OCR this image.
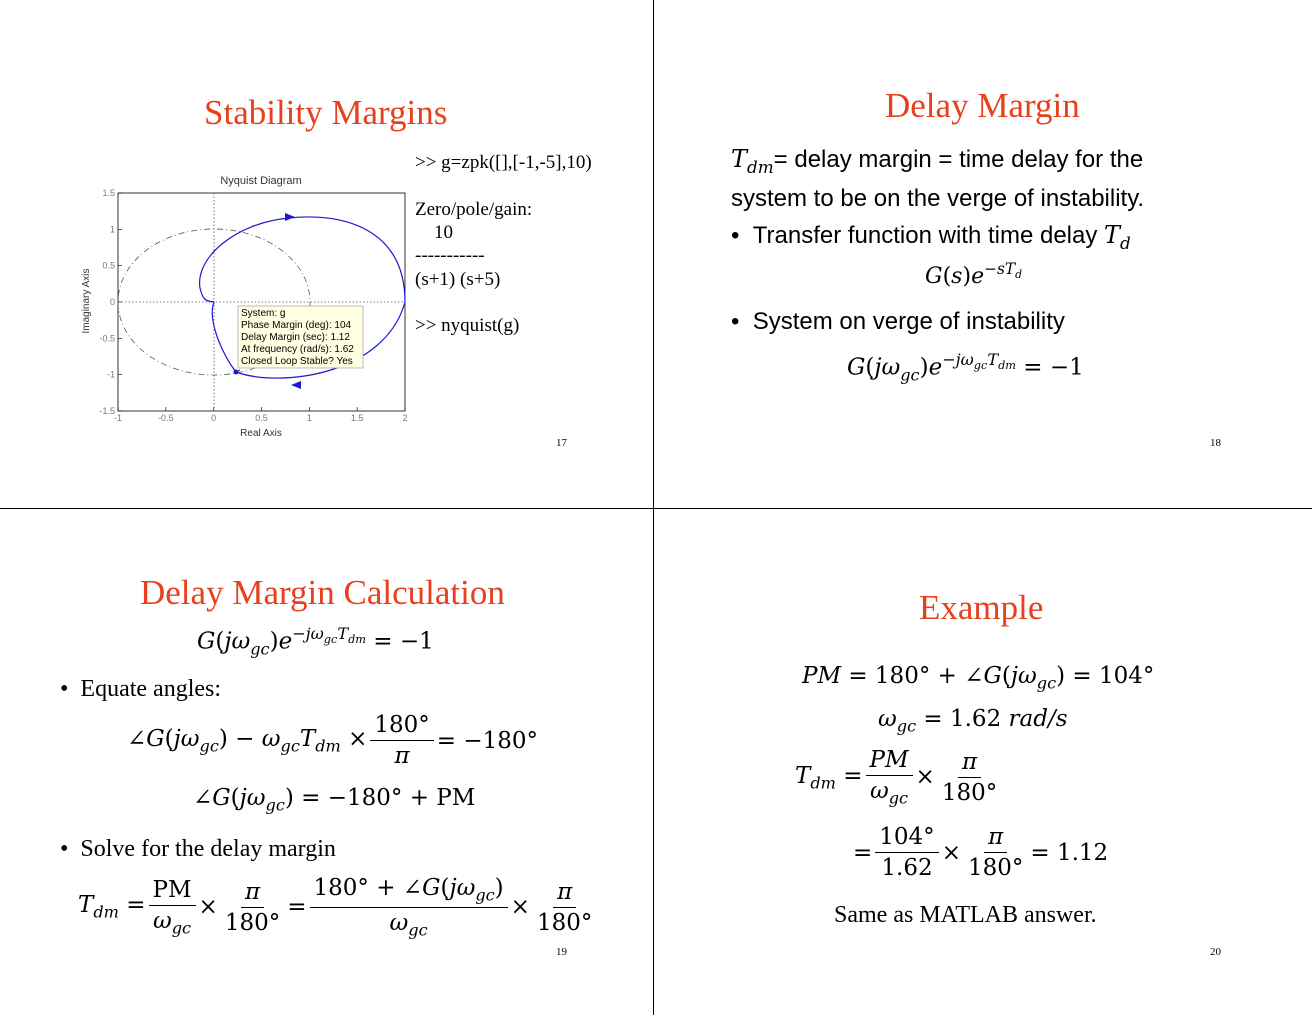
Stability Margins
Nyquist Diagram
Real Axis
Imaginary Axis
-1	-0.5	0	0.5	1	1.5	2
1.5
1
0.5
0
-0.5
-1
-1.5
System: g
Phase Margin (deg): 104
Delay Margin (sec): 1.12
At frequency (rad/s): 1.62
Closed Loop Stable? Yes
>> g=zpk([],[-1,-5],10)
Zero/pole/gain:
10
-----------
(s+1) (s+5)
>> nyquist(g)
17
Delay Margin
$T_{dm}=$ delay margin = time delay for the
system to be on the verge of instability.
•  Transfer function with time delay $T_d$
$G(s)e^{-sT_d}$
•  System on verge of instability
$G(j\omega_{gc})e^{-j\omega_{gc}T_{dm}} = -1$
18
Delay Margin Calculation
$G(j\omega_{gc})e^{-j\omega_{gc}T_{dm}} = -1$
•  Equate angles:
$\angle G(j\omega_{gc}) - \omega_{gc}T_{dm} \times \frac{180^\circ}{\pi} = -180^\circ$
$\angle G(j\omega_{gc}) = -180^\circ$ + PM
•  Solve for the delay margin
$T_{dm} = \frac{PM}{\omega_{gc}} \times \frac{\pi}{180^\circ} = \frac{180^\circ + \angle G(j\omega_{gc})}{\omega_{gc}} \times \frac{\pi}{180^\circ}$
19
Example
PM = $180^\circ + \angle G(j\omega_{gc}) = 104^\circ$
$\omega_{gc} = 1.62$ rad/s
$T_{dm} = \frac{PM}{\omega_{gc}} \times \frac{\pi}{180^\circ}$
= $\frac{104^\circ}{1.62} \times \frac{\pi}{180^\circ} = 1.12$
Same as MATLAB answer.
20
